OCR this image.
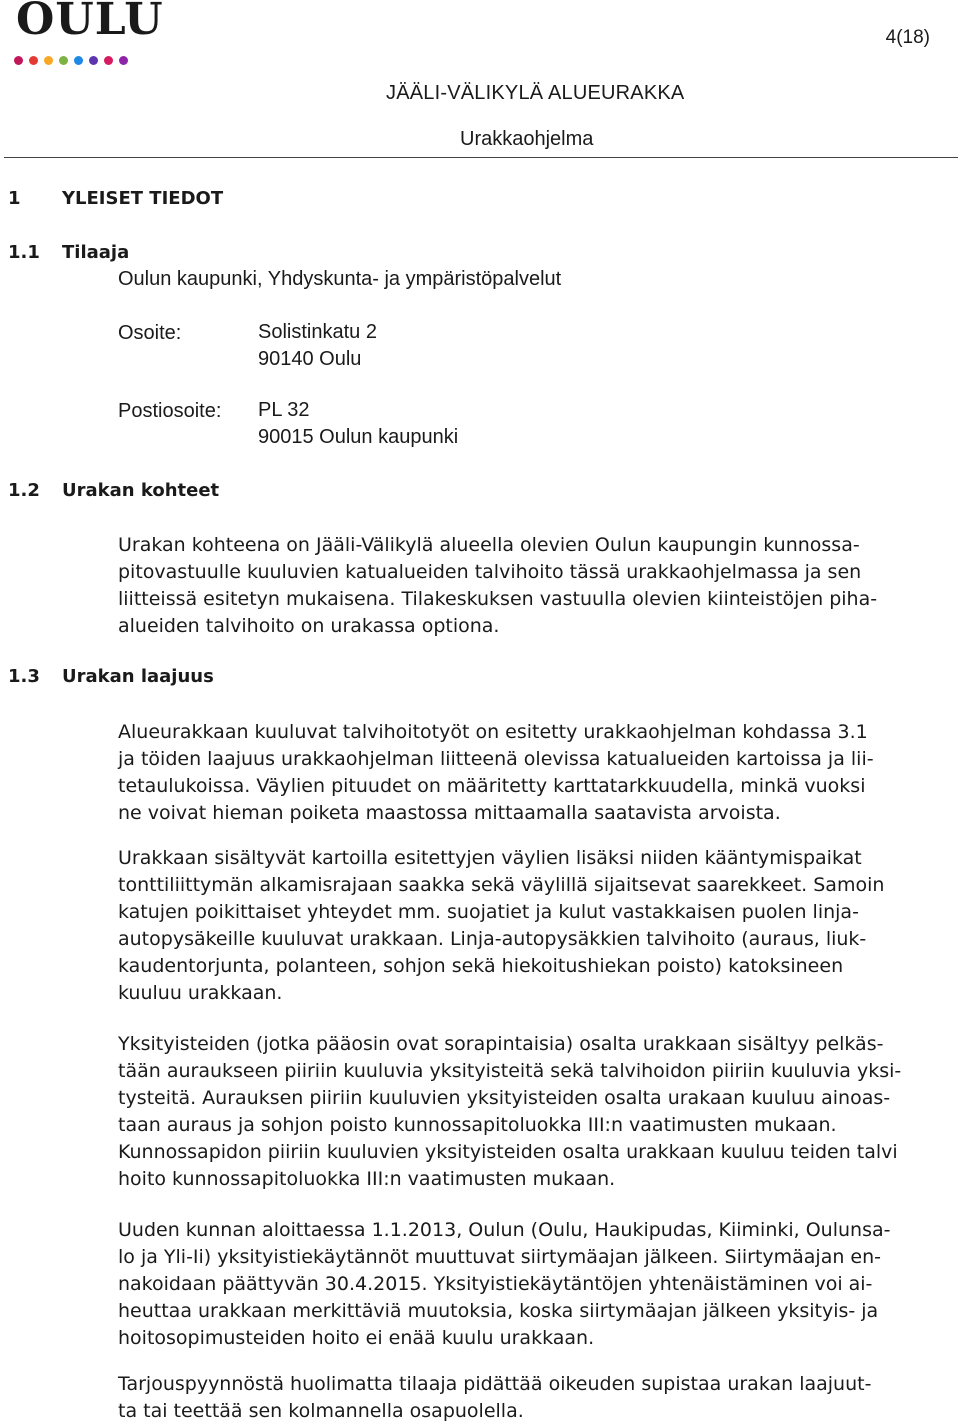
OULU	4(18)
JÄÄLI-VÄLIKYLÄ ALUEURAKKA
Urakkaohjelma
1	YLEISET TIEDOT
1.1	Tilaaja
Oulun kaupunki, Yhdyskunta- ja ympäristöpalvelut
Osoite:	Solistinkatu 2
90140 Oulu
Postiosoite: PL 32
90015 Oulun kaupunki
1.2	Urakan kohteet
Urakan kohteena on Jääli-Välikylä alueella olevien Oulun kaupungin kunnossa-
pitovastuulle kuuluvien katualueiden talvihoito tässä urakkaohjelmassa ja sen
liitteissä esitetyn mukaisena. Tilakeskuksen vastuulla olevien kiinteistöjen piha-
alueiden talvihoito on urakassa optiona.
1.3	Urakan laajuus
Alueurakkaan kuuluvat talvihoitotyöt on esitetty urakkaohjelman kohdassa 3.1
ja töiden laajuus urakkaohjelman liitteenä olevissa katualueiden kartoissa ja lii-
tetaulukoissa. Väylien pituudet on määritetty karttatarkkuudella, minkä vuoksi
ne voivat hieman poiketa maastossa mittaamalla saatavista arvoista.
Urakkaan sisältyvät kartoilla esitettyjen väylien lisäksi niiden kääntymispaikat
tonttiliittymän alkamisrajaan saakka sekä väylillä sijaitsevat saarekkeet. Samoin
katujen poikittaiset yhteydet mm. suojatiet ja kulut vastakkaisen puolen linja-
autopysäkeille kuuluvat urakkaan. Linja-autopysäkkien talvihoito (auraus, liuk-
kaudentorjunta, polanteen, sohjon sekä hiekoitushiekan poisto) katoksineen
kuuluu urakkaan.
Yksityisteiden (jotka pääosin ovat sorapintaisia) osalta urakkaan sisältyy pelkäs-
tään auraukseen piiriin kuuluvia yksityisteitä sekä talvihoidon piiriin kuuluvia yksi-
tysteitä. Aurauksen piiriin kuuluvien yksityisteiden osalta urakaan kuuluu ainoas-
taan auraus ja sohjon poisto kunnossapitoluokka III:n vaatimusten mukaan.
Kunnossapidon piiriin kuuluvien yksityisteiden osalta urakkaan kuuluu teiden talvi
hoito kunnossapitoluokka III:n vaatimusten mukaan.
Uuden kunnan aloittaessa 1.1.2013, Oulun (Oulu, Haukipudas, Kiiminki, Oulunsa-
lo ja Yli-Ii) yksityistiekäytännöt muuttuvat siirtymäajan jälkeen. Siirtymäajan en-
nakoidaan päättyvän 30.4.2015. Yksityistiekäytäntöjen yhtenäistäminen voi ai-
heuttaa urakkaan merkittäviä muutoksia, koska siirtymäajan jälkeen yksityis- ja
hoitosopimusteiden hoito ei enää kuulu urakkaan.
Tarjouspyynnöstä huolimatta tilaaja pidättää oikeuden supistaa urakan laajuut-
ta tai teettää sen kolmannella osapuolella.
